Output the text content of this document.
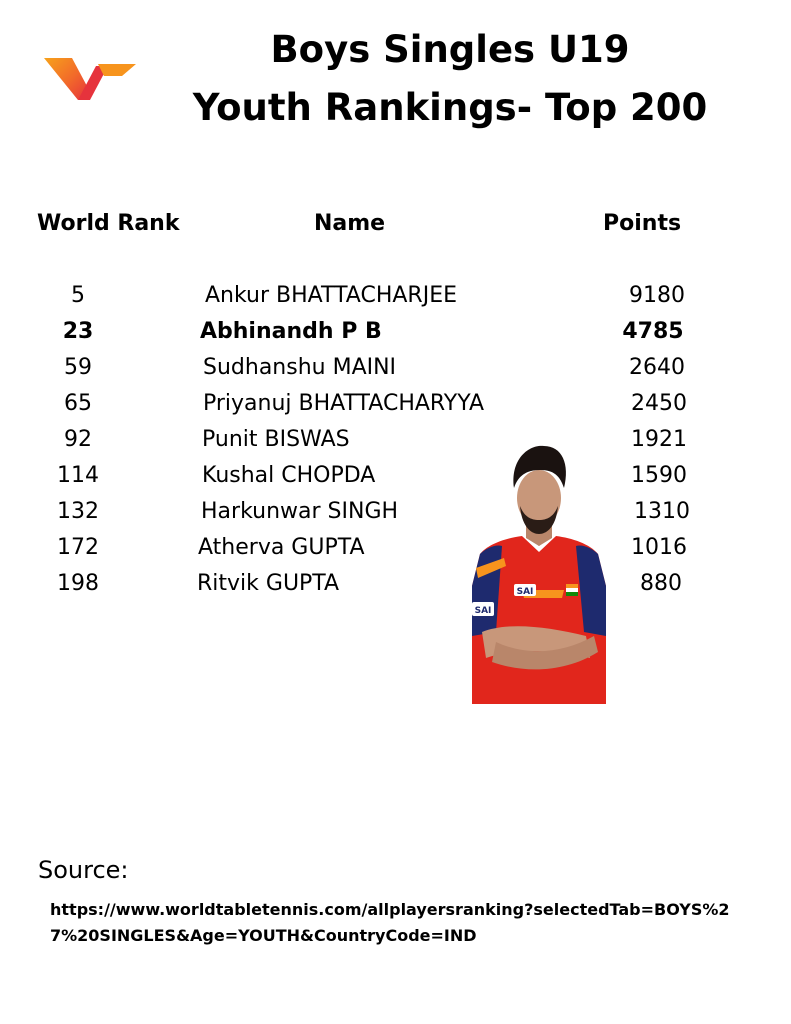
Boys Singles U19
Youth Rankings- Top 200
World Rank	Name	Points
5	Ankur BHATTACHARJEE	9180
23	Abhinandh P B	4785
59	Sudhanshu MAINI	2640
65	Priyanuj BHATTACHARYYA	2450
92	Punit BISWAS	1921
114	Kushal CHOPDA	1590
132	Harkunwar SINGH	1310
172	Atherva GUPTA	1016
198	Ritvik GUPTA	880
SAI
SAI
Source:
https://www.worldtabletennis.com/allplayersranking?selectedTab=BOYS%27%20SINGLES&Age=YOUTH&CountryCode=IND
